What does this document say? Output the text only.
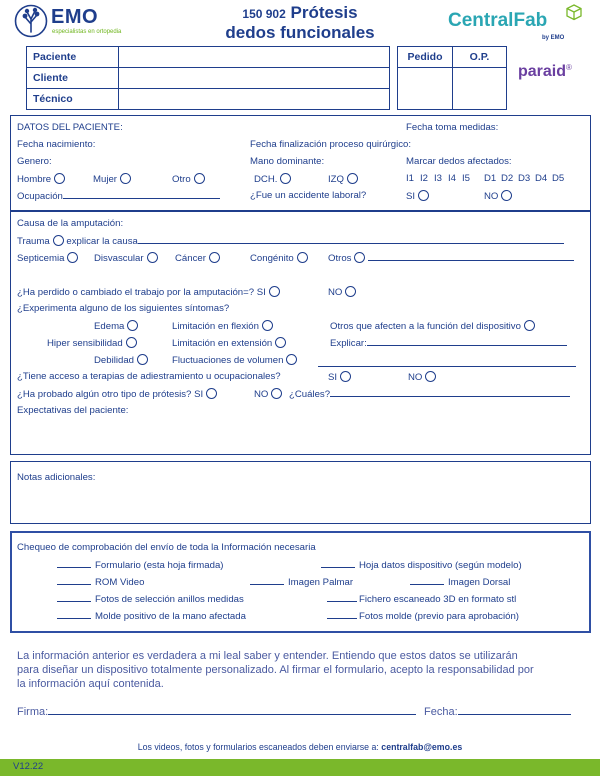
EMO
especialistas en ortopedia
150 902 Prótesis
dedos funcionales
CentralFab
by EMO
paraid®
Paciente	
Cliente	
Técnico	
Pedido	O.P.

DATOS DEL PACIENTE:	Fecha toma medidas:
Fecha nacimiento:	Fecha finalización proceso quirúrgico:
Genero:	Mano dominante:	Marcar dedos afectados:
Hombre	Mujer	Otro	DCH.	IZQ	I1 I2 I3 I4 I5 D1 D2 D3 D4 D5
Ocupación	¿Fue un accidente laboral?	SI	NO
Causa de la amputación:
Trauma explicar la causa
Septicemia	Disvascular	Cáncer	Congénito	Otros
¿Ha perdido o cambiado el trabajo por la amputación=? SI	NO
¿Experimenta alguno de los siguientes síntomas?
Edema	Limitación en flexión	Otros que afecten a la función del dispositivo
Hiper sensibilidad	Limitación en extensión	Explicar:
Debilidad	Fluctuaciones de volumen
¿Tiene acceso a terapias de adiestramiento u ocupacionales?	SI	NO
¿Ha probado algún otro tipo de prótesis? SI	NO	¿Cuáles?
Expectativas del paciente:
Notas adicionales:
Chequeo de comprobación del envío de toda la Información necesaria
Formulario (esta hoja firmada)	Hoja datos dispositivo (según modelo)
ROM Video	Imagen Palmar	Imagen Dorsal
Fotos de selección anillos medidas	Fichero escaneado 3D en formato stl
Molde positivo de la mano afectada	Fotos molde (previo para aprobación)
La información anterior es verdadera a mi leal saber y entender. Entiendo que estos datos se utilizarán
para diseñar un dispositivo totalmente personalizado. Al firmar el formulario, acepto la responsabilidad por
la información aquí contenida.
Firma:	Fecha:
Los videos, fotos y formularios escaneados deben enviarse a: centralfab@emo.es
V12.22
